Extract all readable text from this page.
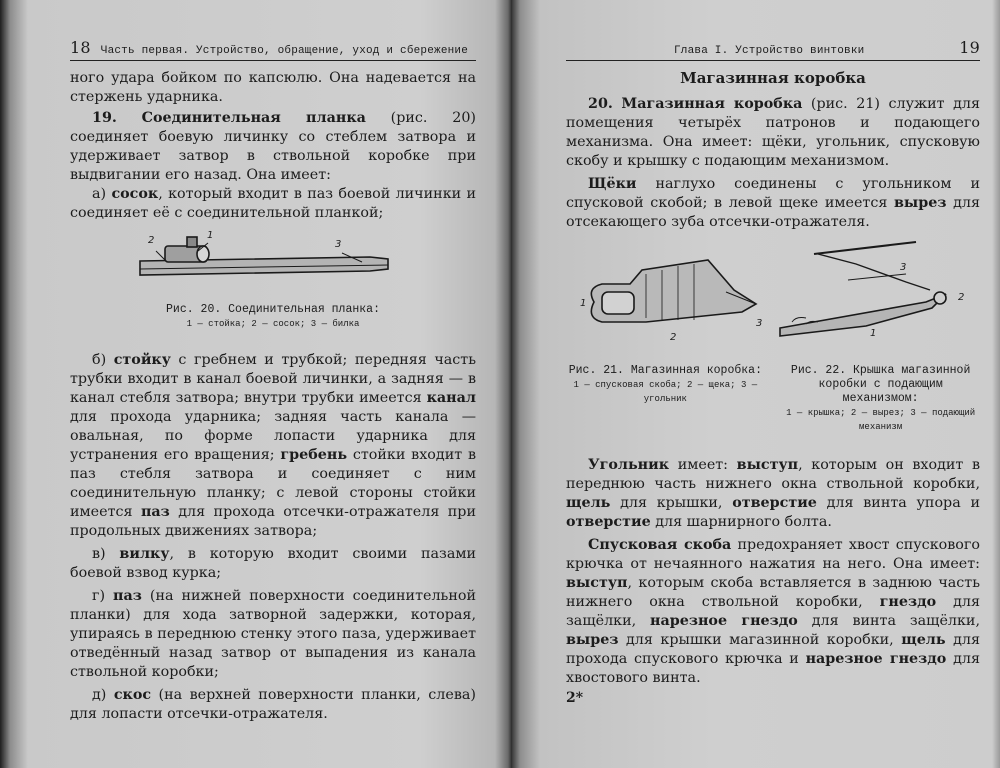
18 Часть первая. Устройство, обращение, уход и сбережение

ного удара бойком по капсюлю. Она надевается на стержень ударника.

19. Соединительная планка (рис. 20) соединяет боевую личинку со стеблем затвора и удерживает затвор в ствольной коробке при выдвигании его назад. Она имеет:

а) сосок, который входит в паз боевой личинки и соединяет её с соединительной планкой;

2	1
3
Рис. 20. Соединительная планка:
1 — стойка; 2 — сосок; 3 — билка

б) стойку с гребнем и трубкой; передняя часть трубки входит в канал боевой личинки, а задняя — в канал стебля затвора; внутри трубки имеется канал для прохода ударника; задняя часть канала — овальная, по форме лопасти ударника для устранения его вращения; гребень стойки входит в паз стебля затвора и соединяет с ним соединительную планку; с левой стороны стойки имеется паз для прохода отсечки-отражателя при продольных движениях затвора;

в) вилку, в которую входит своими пазами боевой взвод курка;

г) паз (на нижней поверхности соединительной планки) для хода затворной задержки, которая, упираясь в переднюю стенку этого паза, удерживает отведённый назад затвор от выпадения из канала ствольной коробки;

д) скос (на верхней поверхности планки, слева) для лопасти отсечки-отражателя.

Глава I. Устройство винтовки	19
Магазинная коробка

20. Магазинная коробка (рис. 21) служит для помещения четырёх патронов и подающего механизма. Она имеет: щёки, угольник, спусковую скобу и крышку с подающим механизмом.

Щёки наглухо соединены с угольником и спусковой скобой; в левой щеке имеется вырез для отсекающего зуба отсечки-отражателя.

1
2
3
3
2
1
Рис. 21. Магазинная коробка:
1 — спусковая скоба; 2 — щека; 3 — угольник
Рис. 22. Крышка магазинной коробки с подающим механизмом:
1 — крышка; 2 — вырез; 3 — подающий механизм

Угольник имеет: выступ, которым он входит в переднюю часть нижнего окна ствольной коробки, щель для крышки, отверстие для винта упора и отверстие для шарнирного болта.

Спусковая скоба предохраняет хвост спускового крючка от нечаянного нажатия на него. Она имеет: выступ, которым скоба вставляется в заднюю часть нижнего окна ствольной коробки, гнездо для защёлки, нарезное гнездо для винта защёлки, вырез для крышки магазинной коробки, щель для прохода спускового крючка и нарезное гнездо для хвостового винта.

2*
